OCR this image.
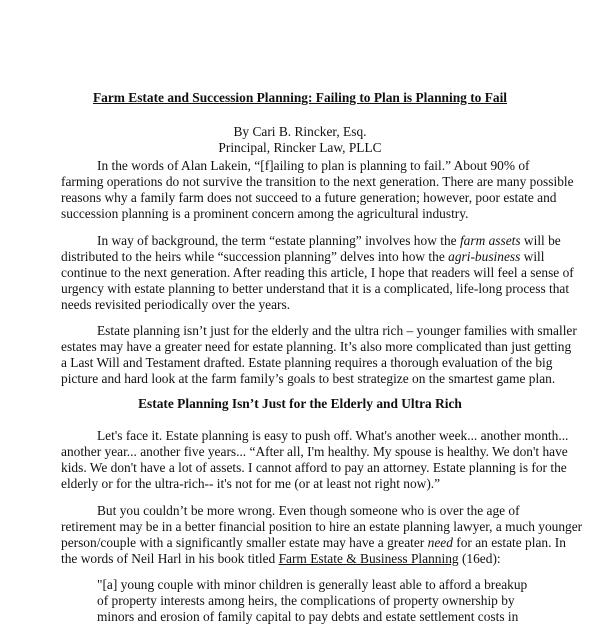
Farm Estate and Succession Planning: Failing to Plan is Planning to Fail
By Cari B. Rincker, Esq.
Principal, Rincker Law, PLLC
In the words of Alan Lakein, “[f]ailing to plan is planning to fail.” About 90% of
farming operations do not survive the transition to the next generation. There are many possible
reasons why a family farm does not succeed to a future generation; however, poor estate and
succession planning is a prominent concern among the agricultural industry.
In way of background, the term “estate planning” involves how the farm assets will be
distributed to the heirs while “succession planning” delves into how the agri-business will
continue to the next generation. After reading this article, I hope that readers will feel a sense of
urgency with estate planning to better understand that it is a complicated, life-long process that
needs revisited periodically over the years.
Estate planning isn’t just for the elderly and the ultra rich – younger families with smaller
estates may have a greater need for estate planning. It’s also more complicated than just getting
a Last Will and Testament drafted. Estate planning requires a thorough evaluation of the big
picture and hard look at the farm family’s goals to best strategize on the smartest game plan.
Estate Planning Isn’t Just for the Elderly and Ultra Rich
Let's face it. Estate planning is easy to push off. What's another week... another month...
another year... another five years... “After all, I'm healthy. My spouse is healthy. We don't have
kids. We don't have a lot of assets. I cannot afford to pay an attorney. Estate planning is for the
elderly or for the ultra-rich-- it's not for me (or at least not right now).”
But you couldn’t be more wrong. Even though someone who is over the age of
retirement may be in a better financial position to hire an estate planning lawyer, a much younger
person/couple with a significantly smaller estate may have a greater need for an estate plan. In
the words of Neil Harl in his book titled Farm Estate & Business Planning (16ed):
"[a] young couple with minor children is generally least able to afford a breakup
of property interests among heirs, the complications of property ownership by
minors and erosion of family capital to pay debts and estate settlement costs in
